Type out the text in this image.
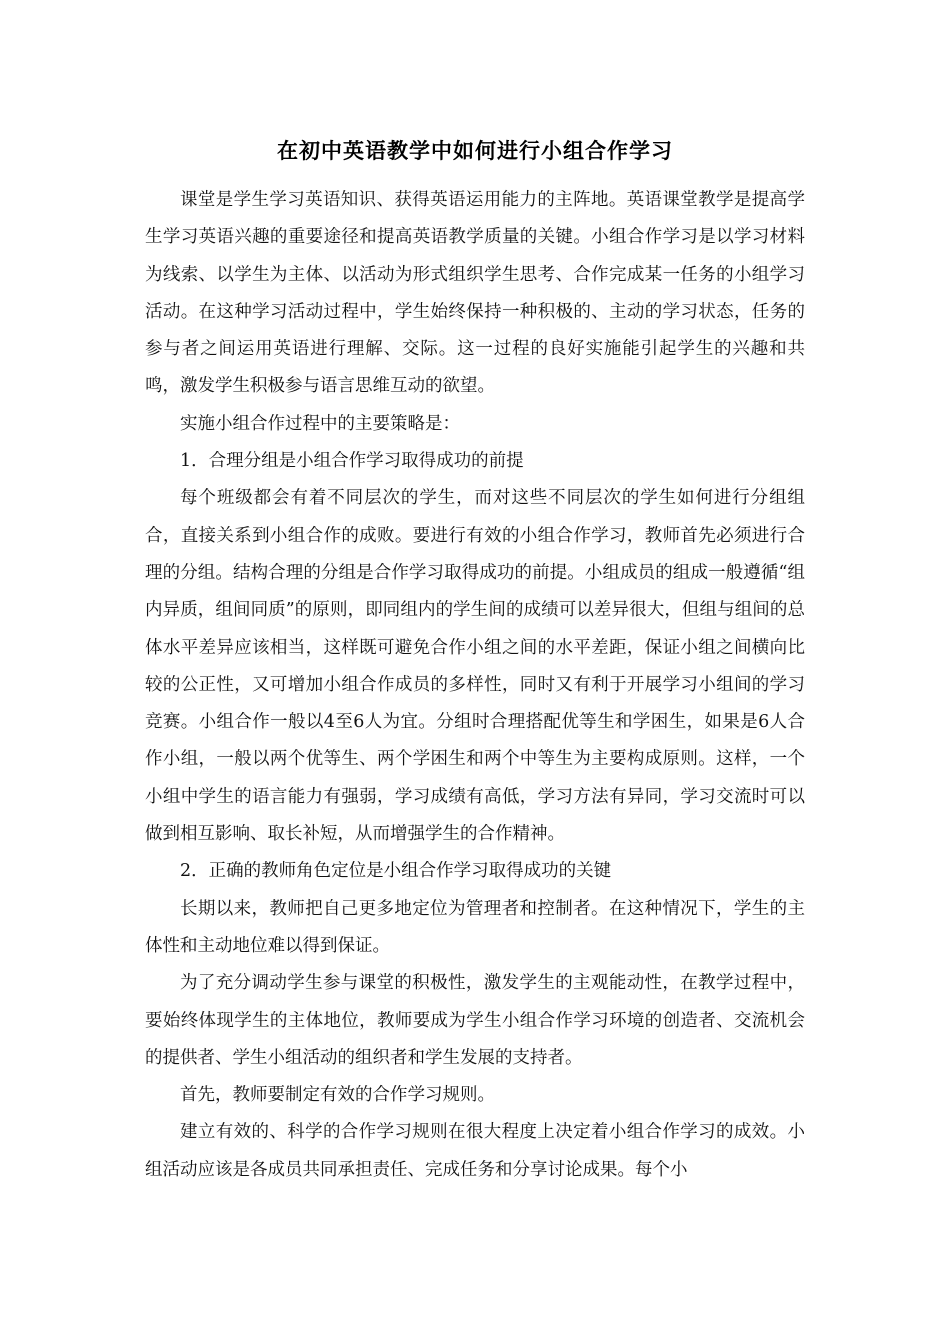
在初中英语教学中如何进行小组合作学习

课堂是学生学习英语知识、获得英语运用能力的主阵地。英语课堂教学是提高学生学习英语兴趣的重要途径和提高英语教学质量的关键。小组合作学习是以学习材料为线索、以学生为主体、以活动为形式组织学生思考、合作完成某一任务的小组学习活动。在这种学习活动过程中，学生始终保持一种积极的、主动的学习状态，任务的参与者之间运用英语进行理解、交际。这一过程的良好实施能引起学生的兴趣和共鸣，激发学生积极参与语言思维互动的欲望。

实施小组合作过程中的主要策略是：

1．合理分组是小组合作学习取得成功的前提

每个班级都会有着不同层次的学生，而对这些不同层次的学生如何进行分组组合，直接关系到小组合作的成败。要进行有效的小组合作学习，教师首先必须进行合理的分组。结构合理的分组是合作学习取得成功的前提。小组成员的组成一般遵循“组内异质，组间同质”的原则，即同组内的学生间的成绩可以差异很大，但组与组间的总体水平差异应该相当，这样既可避免合作小组之间的水平差距，保证小组之间横向比较的公正性，又可增加小组合作成员的多样性，同时又有利于开展学习小组间的学习竞赛。小组合作一般以4至6人为宜。分组时合理搭配优等生和学困生，如果是6人合作小组，一般以两个优等生、两个学困生和两个中等生为主要构成原则。这样，一个小组中学生的语言能力有强弱，学习成绩有高低，学习方法有异同，学习交流时可以做到相互影响、取长补短，从而增强学生的合作精神。

2．正确的教师角色定位是小组合作学习取得成功的关键

长期以来，教师把自己更多地定位为管理者和控制者。在这种情况下，学生的主体性和主动地位难以得到保证。

为了充分调动学生参与课堂的积极性，激发学生的主观能动性，在教学过程中，要始终体现学生的主体地位，教师要成为学生小组合作学习环境的创造者、交流机会的提供者、学生小组活动的组织者和学生发展的支持者。

首先，教师要制定有效的合作学习规则。

建立有效的、科学的合作学习规则在很大程度上决定着小组合作学习的成效。小组活动应该是各成员共同承担责任、完成任务和分享讨论成果。每个小
